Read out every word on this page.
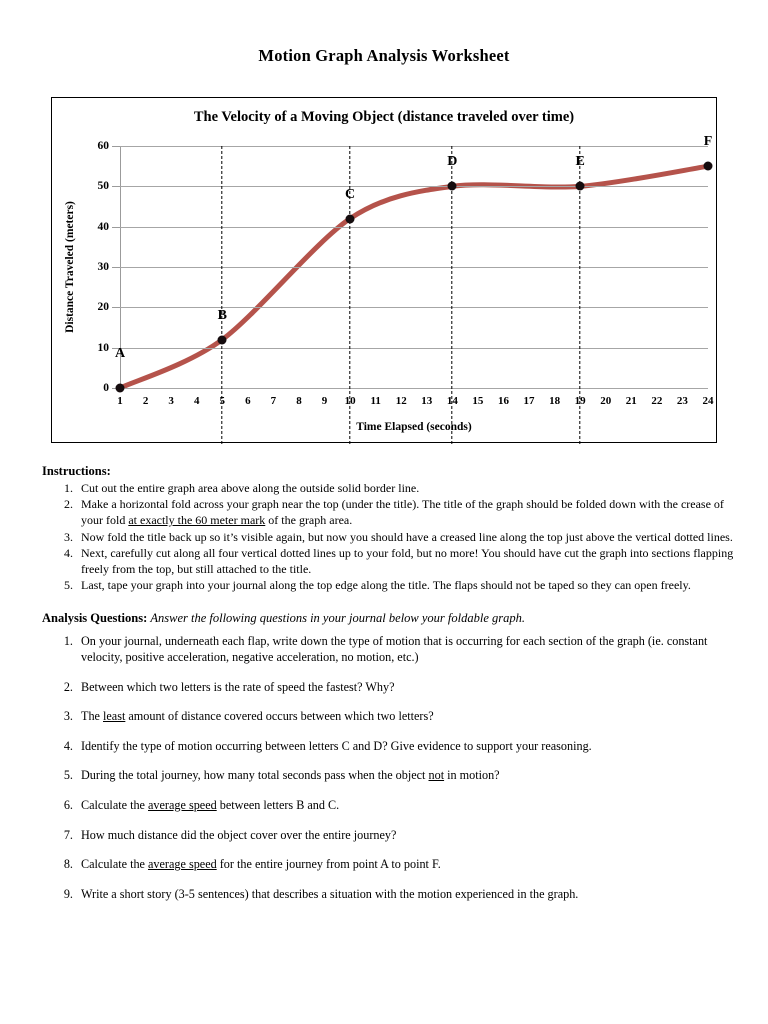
Motion Graph Analysis Worksheet
The Velocity of a Moving Object (distance traveled over time)
Distance Traveled (meters)
Time Elapsed (seconds)
0
10
20
30
40
50
60
1 2 3 4 5 6 7 8 9 10 11 12 13 14 15 16 17 18 19 20 21 22 23 24
A
B
C
D	E
F
Instructions:
1. Cut out the entire graph area above along the outside solid border line.
2. Make a horizontal fold across your graph near the top (under the title). The title of the graph should be folded down with the crease of your fold at exactly the 60 meter mark of the graph area.
3. Now fold the title back up so it’s visible again, but now you should have a creased line along the top just above the vertical dotted lines.
4. Next, carefully cut along all four vertical dotted lines up to your fold, but no more! You should have cut the graph into sections flapping freely from the top, but still attached to the title.
5. Last, tape your graph into your journal along the top edge along the title. The flaps should not be taped so they can open freely.
Analysis Questions: Answer the following questions in your journal below your foldable graph.
1. On your journal, underneath each flap, write down the type of motion that is occurring for each section of the graph (ie. constant velocity, positive acceleration, negative acceleration, no motion, etc.)
2. Between which two letters is the rate of speed the fastest? Why?
3. The least amount of distance covered occurs between which two letters?
4. Identify the type of motion occurring between letters C and D? Give evidence to support your reasoning.
5. During the total journey, how many total seconds pass when the object not in motion?
6. Calculate the average speed between letters B and C.
7. How much distance did the object cover over the entire journey?
8. Calculate the average speed for the entire journey from point A to point F.
9. Write a short story (3-5 sentences) that describes a situation with the motion experienced in the graph.
